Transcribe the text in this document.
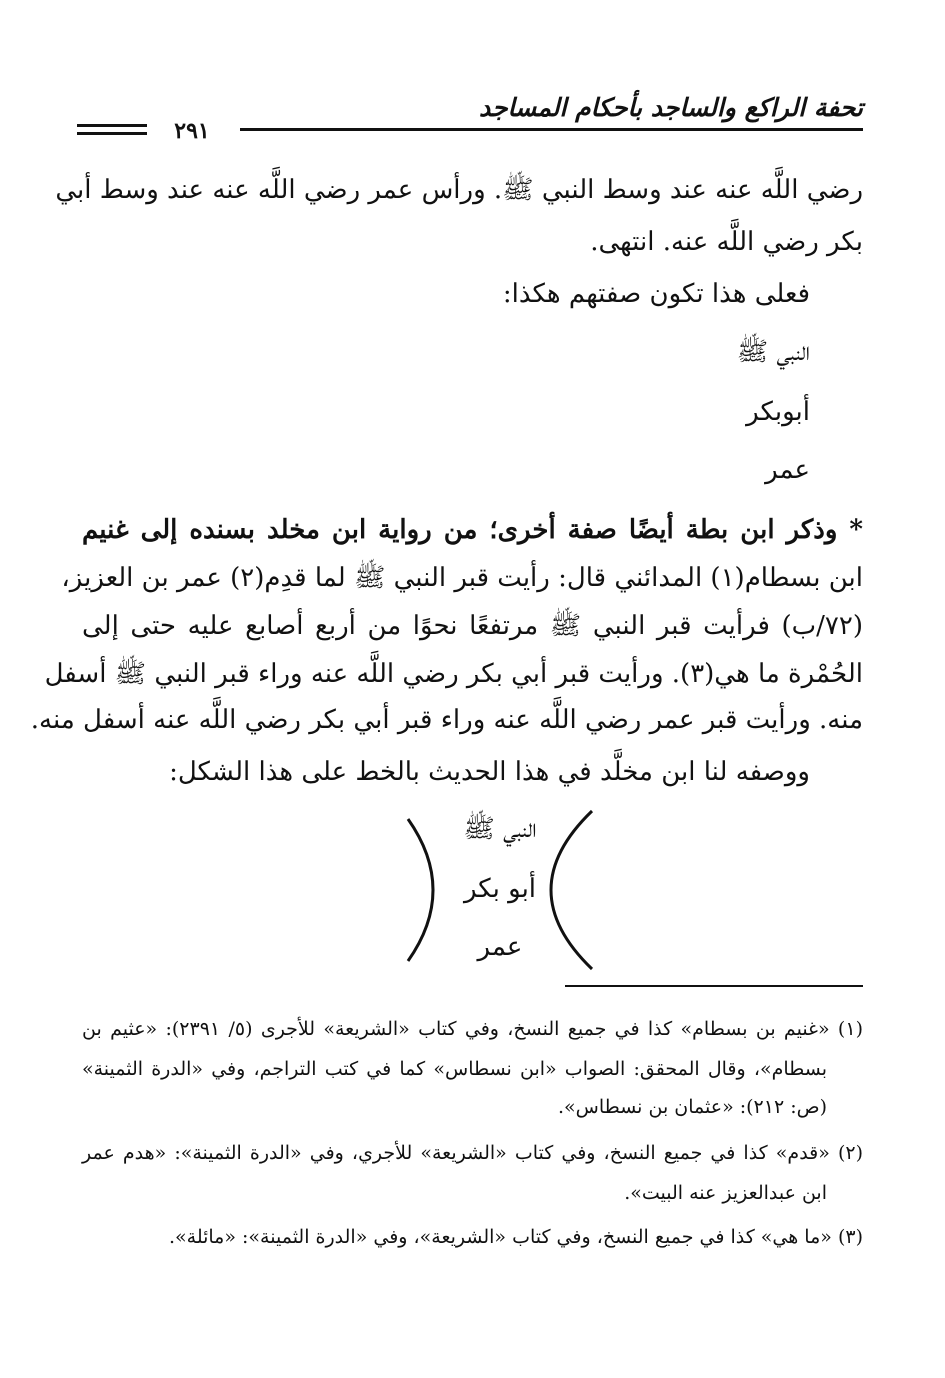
تحفة الراكع والساجد بأحكام المساجد
٢٩١
رضي اللَّه عنه عند وسط النبي ﷺ. ورأس عمر رضي اللَّه عنه عند وسط أبي
بكر رضي اللَّه عنه. انتهى.
فعلى هذا تكون صفتهم هكذا:
النبي ﷺ
أبوبكر
عمر
* وذكر ابن بطة أيضًا صفة أخرى؛ من رواية ابن مخلد بسنده إلى غنيم
ابن بسطام(١) المدائني قال: رأيت قبر النبي ﷺ لما قدِم(٢) عمر بن العزيز،
(٧٢/ب) فرأيت قبر النبي ﷺ مرتفعًا نحوًا من أربع أصابع عليه حتى إلى
الحُمْرة ما هي(٣). ورأيت قبر أبي بكر رضي اللَّه عنه وراء قبر النبي ﷺ أسفل
منه. ورأيت قبر عمر رضي اللَّه عنه وراء قبر أبي بكر رضي اللَّه عنه أسفل منه.
ووصفه لنا ابن مخلَّد في هذا الحديث بالخط على هذا الشكل:
النبي ﷺ
أبو بكر
عمر
(١) «غنيم بن بسطام» كذا في جميع النسخ، وفي كتاب «الشريعة» للأجرى (٥/ ٢٣٩١): «عثيم بن
بسطام»، وقال المحقق: الصواب «ابن نسطاس» كما في كتب التراجم، وفي «الدرة الثمينة»
(ص: ٢١٢): «عثمان بن نسطاس».
(٢) «قدم» كذا في جميع النسخ، وفي كتاب «الشريعة» للأجري، وفي «الدرة الثمينة»: «هدم عمر
ابن عبدالعزيز عنه البيت».
(٣) «ما هي» كذا في جميع النسخ، وفي كتاب «الشريعة»، وفي «الدرة الثمينة»: «مائلة».
